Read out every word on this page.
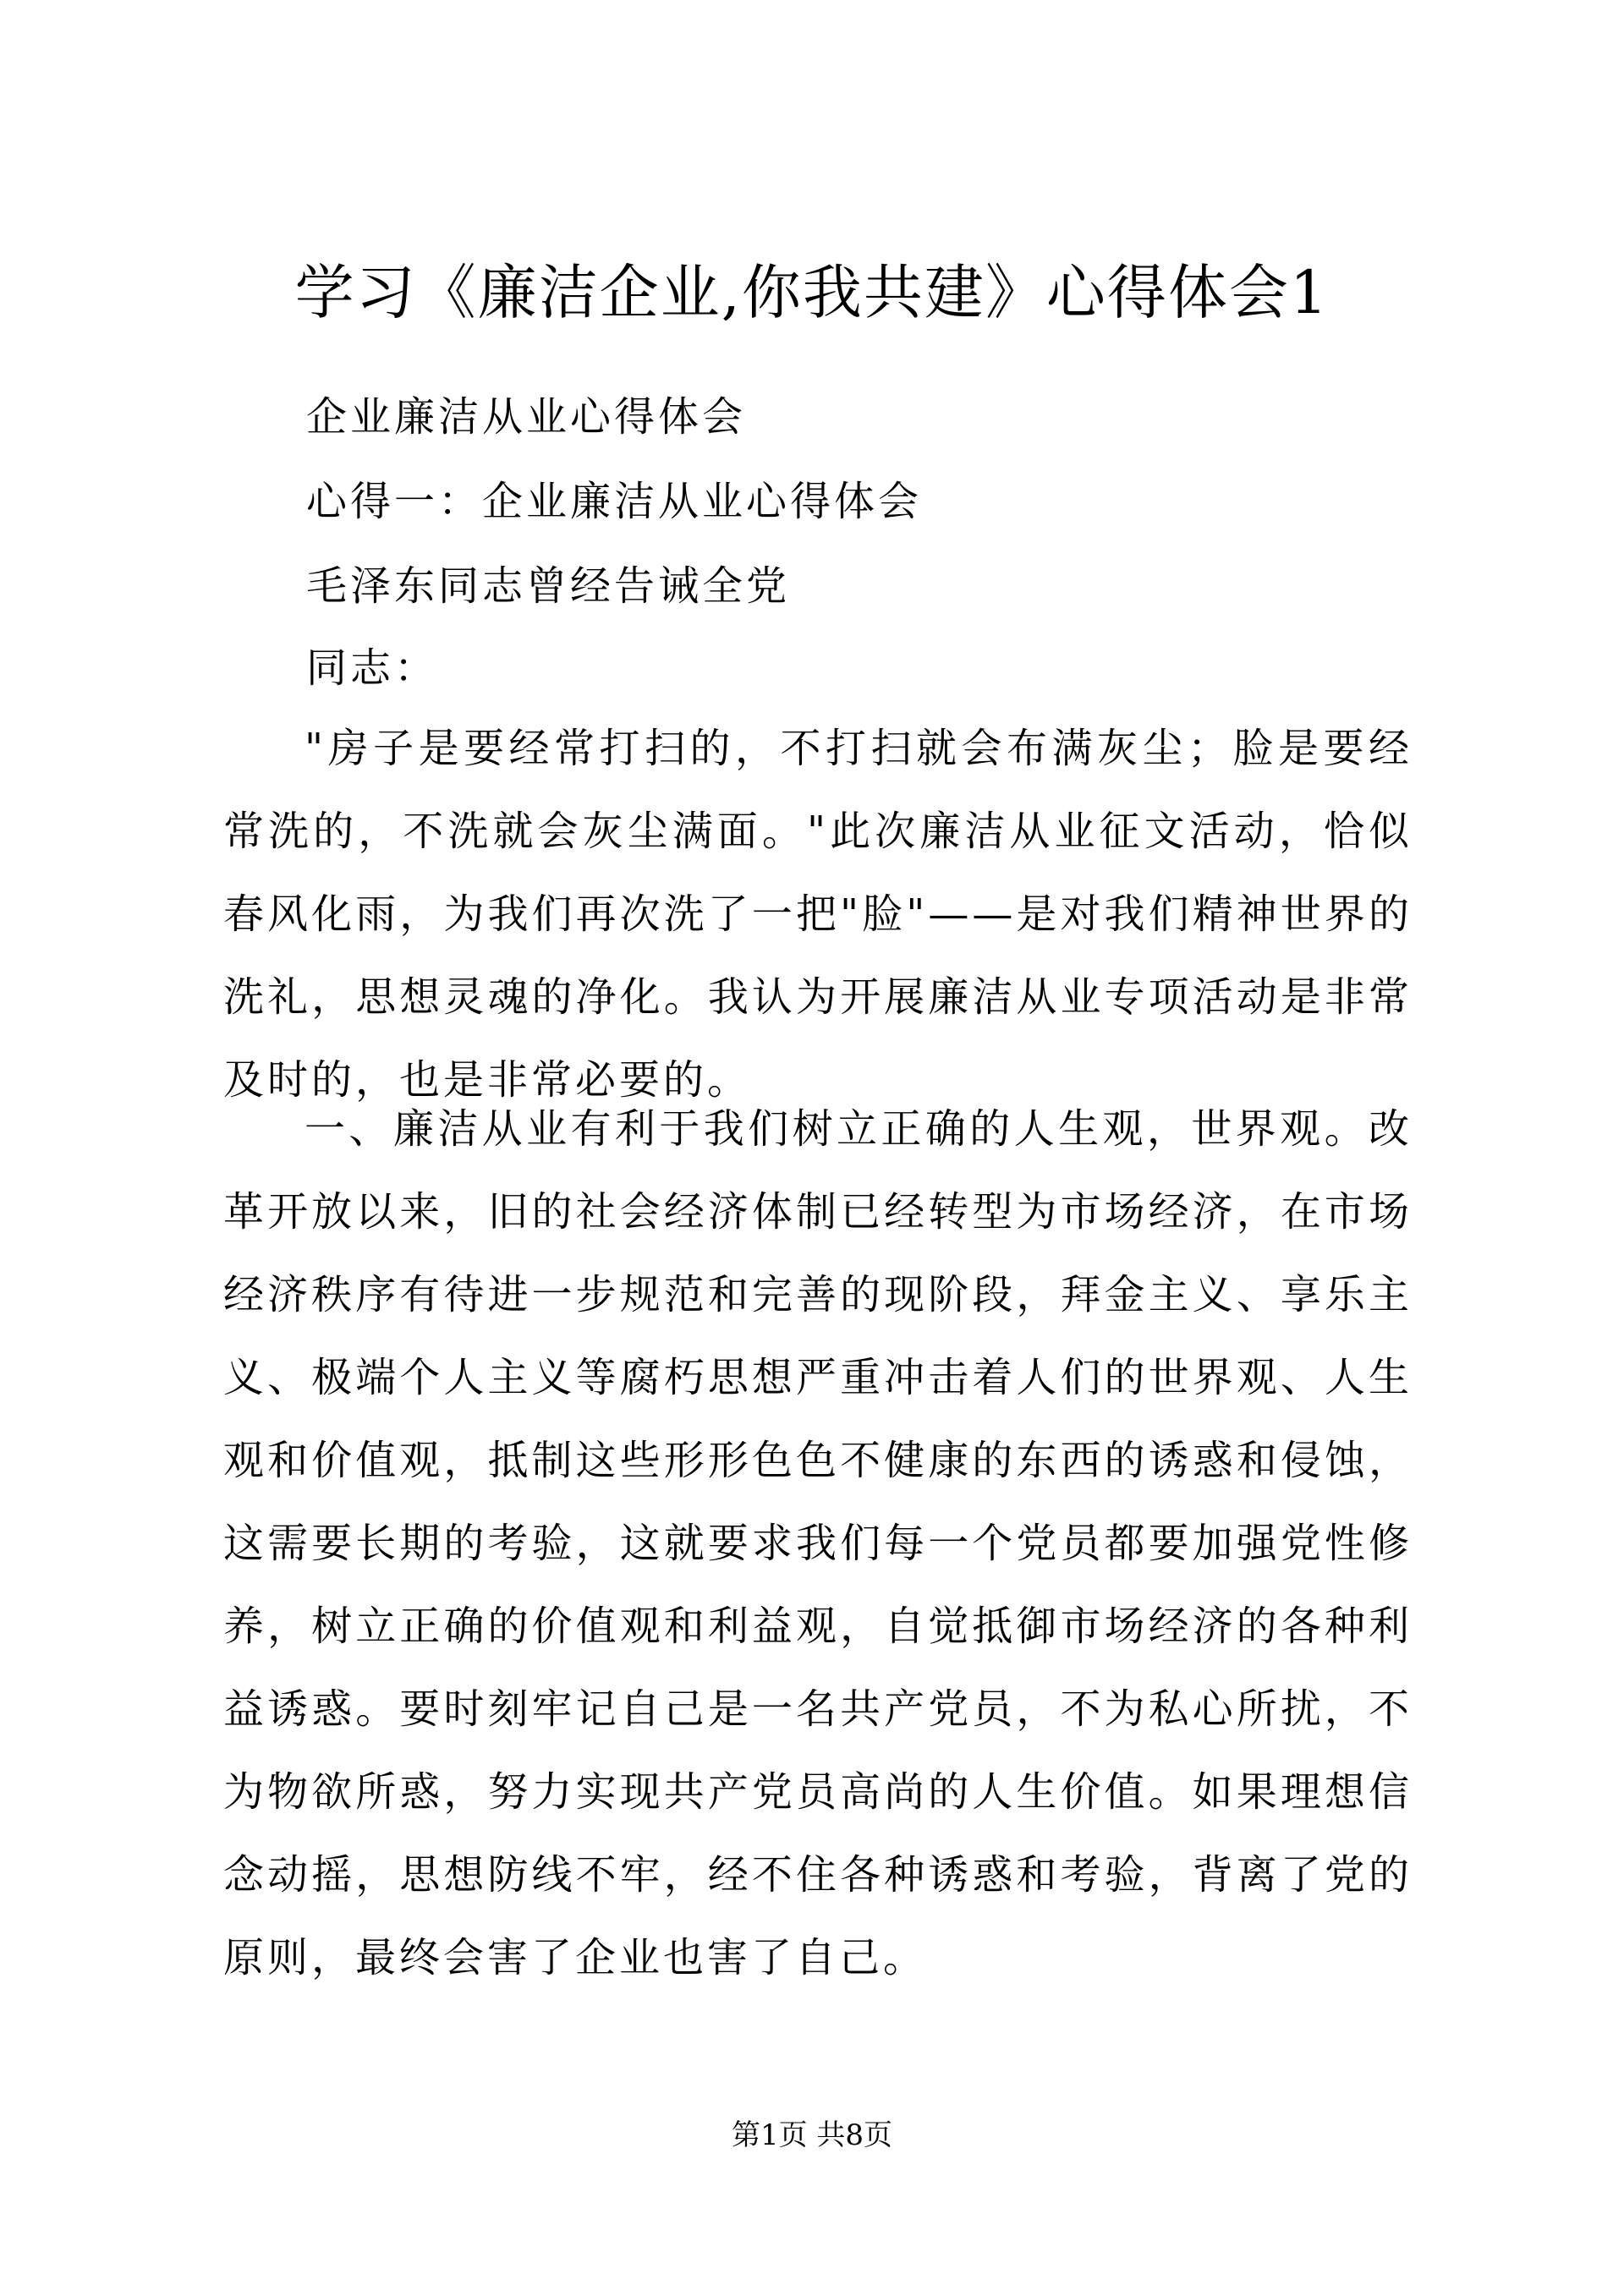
学习《廉洁企业,你我共建》心得体会1
企业廉洁从业心得体会
心得一：企业廉洁从业心得体会
毛泽东同志曾经告诫全党
同志：
"房子是要经常打扫的，不打扫就会布满灰尘；脸是要经常洗的，不洗就会灰尘满面。"此次廉洁从业征文活动，恰似春风化雨，为我们再次洗了一把"脸"——是对我们精神世界的洗礼，思想灵魂的净化。我认为开展廉洁从业专项活动是非常及时的，也是非常必要的。
一、廉洁从业有利于我们树立正确的人生观，世界观。改革开放以来，旧的社会经济体制已经转型为市场经济，在市场经济秩序有待进一步规范和完善的现阶段，拜金主义、享乐主义、极端个人主义等腐朽思想严重冲击着人们的世界观、人生观和价值观，抵制这些形形色色不健康的东西的诱惑和侵蚀，这需要长期的考验，这就要求我们每一个党员都要加强党性修养，树立正确的价值观和利益观，自觉抵御市场经济的各种利益诱惑。要时刻牢记自己是一名共产党员，不为私心所扰，不为物欲所惑，努力实现共产党员高尚的人生价值。如果理想信念动摇，思想防线不牢，经不住各种诱惑和考验，背离了党的原则，最终会害了企业也害了自己。
第1页 共8页
